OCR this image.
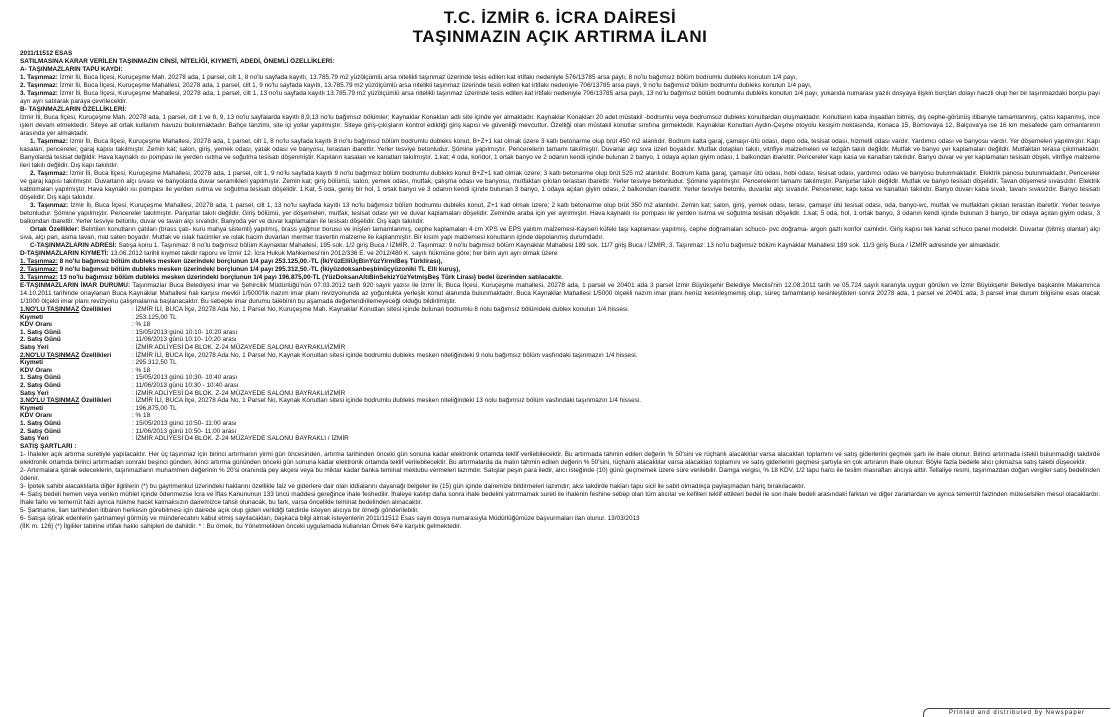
T.C. İZMİR 6. İCRA DAİRESİ
TAŞINMAZIN AÇIK ARTIRMA İLANI

2011/11512 ESAS

SATILMASINA KARAR VERİLEN TAŞINMAZIN CİNSİ, NİTELİĞİ, KIYMETİ, ADEDİ, ÖNEMLİ ÖZELLİKLERİ:

A- TAŞINMAZLARIN TAPU KAYDI:

1. Taşınmaz: İzmir İli, Buca İlçesi, Kuruçeşme Mah. 20278 ada, 1 parsel, cilt 1, 8 no'lu sayfada kayıtlı, 13.785.79 m2 yüzölçümlü arsa nitelikli taşınmaz üzerinde tesis edilen kat irtifakı nedeniyle 576/13785 arsa paylı, 8 no'lu bağımsız bölüm bodrumlu dubleks konutun 1/4 payı,

2. Taşınmaz: İzmir İli, Buca İlçesi, Kuruçeşme Mahallesi, 20278 ada, 1 parsel, cilt 1, 9 no'lu sayfada kayıtlı, 13.785.79 m2 yüzölçümlü arsa nitelikli taşınmaz üzerinde tesis edilen kat irtifakı nedeniyle 706/13785 arsa paylı, 9 no'lu bağımsız bölüm bodrumlu dubleks konutun 1/4 payı,

3. Taşınmaz: İzmir İli, Buca İlçesi, Kuruçeşme Mahallesi, 20278 ada, 1 parsel, cilt 1, 13 no'lu sayfada kayıtlı 13.785.79 m2 yüzölçümlü arsa nitelikli taşınmaz üzerinde tesis edilen kat irtifakı nedeniyle 706/13785 arsa paylı, 13 no'lu bağımsız bölüm bodrumlu dubleks konutun 1/4 payı, yukarıda numarası yazılı dosyaya ilişkin borçtan dolayı haczli olup her bir taşınmazdaki borçlu payı ayrı ayrı satılarak paraya çevrilecektir.

B- TAŞINMAZLARIN ÖZELLİKLERİ:

İzmir İli, Buca İlçesi, Kuruçeşme Mah. 20278 ada, 1 parsel, cilt 1 ve 8, 9, 13 no'lu sayfalarda kayıtlı 8,9,13 no'lu bağımsız bölümler; Kaynaklar Konakları adlı site içinde yer almaktadır. Kaynaklar Konakları 20 adet müstakil -bodrumlu veya bodrumsuz dubleks konutlardan oluşmaktadır. Konutların kaba inşaatları bitmiş, dış cephe-görünüş itibarıyle tamamlanmış, çatısı kapanmış, ince işleri devam etmektedir. Siteye ait ortak kullanım havuzu bulunmaktadır. Bahçe tanzimi, site içi yollar yapılmıştır. Siteye giriş-çıkışların kontrol edildiği giriş kapısı ve güvenliği mevcuttur. Özelliği olan müstakil konutlar sınıfına girmektedir. Kaynaklar Konutları Aydın-Çeşme otoyolu kesişim noktasında, Konaca 15, Bornovaya 12, Balçova'ya ise 16 km mesafede çam ormanlarının arasında yer almaktadır.

1. Taşınmaz: İzmir İli, Buca İlçesi, Kuruçeşme Mahallesi, 20278 ada, 1 parsel, cilt 1, 8 no'lu sayfada kayıtlı 8 no'lu bağımsız bölüm bodrumlu dubleks konut, B+Z+1 kat olmak üzere 3 katlı betonarme olup brüt 450 m2 alanlıdır. Bodrum katta garaj, çamaşır-ütü odası, depo oda, tesisat odası, hizmetli odası vardır. Yardımcı odası ve banyosu vardır. Yer döşemeleri yapılmıştır. Kapı kasaları, pencereler, garaj kapısı takılmıştır. Zemin kat; salon, giriş, yemek odası, yatak odası ve banyosu, terastan ibarettir. Yerler tesviye betonludur. Şömine yapılmıştır. Pencerelerin tamamı takılmıştır. Duvarlar alçı sıva üzeri boyalıdır. Mutfak dolapları takılı, vitrifiye malzemeleri ve tezgâh takılı değildir. Mutfak ve banyo yer kaplamaları değildir. Mutfaktan terasa çıkılmaktadır. Banyolarda tesisat değildir. Hava kaynaklı ısı pompası ile yerden ısıtma ve soğutma tesisatı döşenmiştir. Kapıların kasaları ve kanatları takılmıştır. 1.kat; 4 oda, koridor, 1 ortak banyo ve 2 odanın kendi içinde bulunan 2 banyo, 1 odaya açılan giyim odası, 1 balkondan ibarettir. Pencereler kapı kasa ve kanatları takılıdır. Banyo duvar ve yer kaplamaları tesisatı döşeli, vitrifiye malzeme ileri takılı değildir. Dış kapı takılıdır.

2. Taşınmaz: İzmir İli, Buca İlçesi, Kuruçeşme Mahallesi, 20278 ada, 1 parsel, cilt 1, 9 no'lu sayfada kayıtlı 9 no'lu bağımsız bölüm bodrumlu dubleks konut B+Z+1 katl olmak üzere; 3 katlı betonarme olup brüt 525 m2 alanlıdır. Bodrum katta garaj, çamaşır ütü odası, hobi odası, tesisat odası, yardımcı odası ve banyosu bulunmaktadır. Elektrik panosu bulunmaktadır. Pencereler ve garaj kapısı takılmıştır. Duvarların alçı sıvası ve banyolarda duvar seramikleri yapılmıştır. Zemin kat; giriş bölümü, salon, yemek odası, mutfak, çalışma odası ve banyosu, mutfaktan çıkılan terastan ibarettir. Yerler tesviye betonludur. Şömine yapılmıştır. Pencerelerin tamamı takılmıştır. Panjurlar takılı değildir. Mutfak ve banyo tesisatı döşelidir. Tavan döşemesi sıvasızdır. Elektrik kablomaları yapılmıştır. Hava kaynaklı ısı pompası ile yerden ısıtma ve soğutma tesisatı döşelidir. 1.Kat, 5 oda, geniş bir hol, 1 ortak banyo ve 3 odanın kendi içinde bulunan 3 banyo, 1 odaya açılan giyim odası, 2 balkondan ibarettir. Yerler tesviye betonlu, duvarlar alçı sıvalıdır. Pencereler, kapı kasa ve kanatları takılıdır. Banyo duvarı kaba sıvalı, tavanı sıvasızdır. Banyo tesisatı döşelidir. Dış kapı takılıdır.

3. Taşınmaz: İzmir İli, Buca İlçesi, Kuruçeşme Mahallesi, 20278 ada, 1 parsel, cilt 1, 13 no'lu sayfada kayıtlı 13 no'lu bağımsız bölüm bodrumlu dubleks konut, Z+1 katl olmak üzere; 2 katlı betonarme olup brüt 350 m2 alanlıdır. Zemin kat; salon, giriş, yemek odası, terası, çamaşır ütü tesisat odası, oda, banyo-wc, mutfak ve mutfaktan çıkılan terastan ibarettir. Yerler tesviye betonludur. Şömine yapılmıştır. Pencereler takılmıştır. Panjurlar takılı değildir. Giriş bölümü, yer döşemeleri, mutfak, tesisat odası yer ve duvar kaplamaları döşelidir. Zeminde araba için yer ayrılmıştır. Hava kaynaklı ısı pompası ile yerden ısıtma ve soğutma tesisatı döşelidir. 1.kat; 5 oda, hol, 1 ortak banyo, 3 odanın kendi içinde bulunan 3 banyo, bir odaya açılan giyim odası, 3 balkondan ibarettir. Yerler tesviye betonlu, duvar ve tavan alçı sıvalıdır. Banyoda yer ve duvar kaplamaları ile tesisatı döşelidir. Dış kapı takılıdır.

Ortak Özellikler: Belirtilen konutların çatıları (brass çatı- kuru mahya sistemli) yapılmış, brass yağmur borusu ve inişleri tamamlanmış, cephe kaplamaları 4 cm XPS ve EPS yalıtım malzemesi-Kayseri küfeki taşı kaplaması yapılmış, cephe doğramaları schuco- pvc doğrama- argon gazlı konfor camlıdır. Giriş kapısı tek kanat schuco panel modeldir. Duvarlar (bitmiş olanlar) alçı sıva, alçı pan, asma tavan, mat saten boyadır. Mutfak ve ıslak hacimler ve ıslak hacim duvarları mermer travertin malzeme ile kaplanmıştır. Bir kısım yapı malzemesi konutların içinde depolanmış durumdadır.

C-TAŞINMAZLARIN ADRESİ: Satışa konu 1. Taşınmaz: 8 no'lu bağımsız bölüm Kaynaklar Mahallesi, 195 sok. 1/2 giriş Buca / İZMİR, 2. Taşınmaz: 9 no'lu bağımsız bölüm Kaynaklar Mahallesi 189 sok. 11/7 giriş Buca / İZMİR, 3. Taşınmaz: 13 no'lu bağımsız bölüm Kaynaklar Mahallesi 189 sok. 11/3 giriş Buca / İZMİR adresinde yer almaktadır.

D-TAŞINMAZLARIN KIYMETİ: 13.06.2012 tarihli kıymet takdir raporu ve İzmir 12. İcra Hukuk Mahkemesi'nin 2012/336 E. ve 2012/480 K. sayılı hükmüne göre; her birin ayrı ayrı olmak üzere

1. Taşınmaz: 8 no'lu bağımsız bölüm dubleks mesken üzerindeki borçlunun 1/4 payı 253.125,00.-TL (İkiYüzElliÜçBinYüzYirmiBeş Türklirası),

2. Taşınmaz: 9 no'lu bağımsız bölüm dubleks mesken üzerindeki borçlunun 1/4 payı 295.312,50.-TL (İkiyüzdoksanbeşbinüçyüzoniki TL Elli kuruş),

3. Taşınmaz: 13 no'lu bağımsız bölüm dubleks mesken üzerindeki borçlunun 1/4 payı 196.875,00-TL (YüzDoksanAltıBinSekizYüzYetmişBeş Türk Lirası) bedel üzerinden satılacaktır.

E-TAŞINMAZLARIN İMAR DURUMU: Taşınmazlar Buca Belediyesi imar ve Şehircilik Müdürlüğü'nün 07.03.2012 tarih 920 sayılı yazısı ile İzmir İli, Buca İlçesi, Kuruçeşme mahallesi, 20278 ada, 1 parsel ve 20401 ada 3 parsel İzmir Büyükşehir Belediye Meclisi'nin 12.08.2011 tarih ve 05.724 sayılı kararıyla uygun görülen ve İzmir Büyükşehir Belediye başkanlık Makamınca 14.10.2011 tarihinde onaylanan Buca Kaynaklar Mahallesi hali karşısı mevkii 1/5000'lik nazım imar planı revizyonunda az yoğunlukta yerleşik konut alanında bulunmaktadır. Buca Kaynaklar Mahallesi 1/5000 ölçekli nazım imar planı henüz kesinleşmemiş olup, süreç tamamlanıp kesinleştikten sonra 20278 ada, 1 parsel ve 20401 ada, 3 parsel imar durum bilgisine esas olacak 1/1000 ölçekli imar planı revizyonu çalışmalarına başlanacaktır. Bu sebeple imar durumu talebinin bu aşamada değerlendirilemeyeceği olduğu bildirilmiştir.

1.NO'LU TAŞINMAZ Özellikleri	: İZMİR İLİ, BUCA İlçe, 20278 Ada No, 1 Parsel No, Kuruçeşme Mah. Kaynaklar Konutları sitesi içinde bulunan bodrumlu 8 nolu bağımsız bölümdeki dublex konutun 1/4 hissesi.
Kıymeti	: 253.125,00 TL
KDV Oranı	: % 18
1. Satış Günü	: 15/05/2013 günü 10:10- 10:20 arası
2. Satış Günü	: 11/06/2013 günü 10:10- 10:20 arası
Satış Yeri	: İZMİR ADLİYESİ D4 BLOK. Z-24 MÜZAYEDE SALONU BAYRAKLI/İZMİR
2.NO'LU TAŞINMAZ Özellikleri	: İZMİR İLİ, BUCA İlçe, 20278 Ada No, 1 Parsel No, Kaynak Konutları sitesi içinde bodrumlu dubleks mesken niteliğindeki 9 nolu bağımsız bölüm vasfındaki taşınmazın 1/4 hissesi.
Kıymeti	: 295.312,50 TL
KDV Oranı	: % 18
1. Satış Günü	: 15/05/2013 günü 10:30- 10:40 arası
2. Satış Günü	: 11/06/2013 günü 10:30 - 10:40 arası
Satış Yeri	: İZMİR ADLİYESİ D4 BLOK. Z-24 MÜZAYEDE SALONU BAYRAKLI/İZMİR
3.NO'LU TAŞINMAZ Özellikleri	: İZMİR İLİ, BUCA İlçe, 20278 Ada No, 1 Parsel No, Kaynak Konutları sitesi içinde bodrumlu dubleks mesken niteliğindeki 13 nolu bağımsız bölüm vasfındaki taşınmazın 1/4 hissesi.
Kıymeti	: 196.875,00 TL
KDV Oranı	: % 18
1. Satış Günü	: 15/05/2013 günü 10:50- 11:00 arası
2. Satış Günü	: 11/06/2013 günü 10:50- 11:00 arası
Satış Yeri	: İZMİR ADLİYESİ D4 BLOK. Z-24 MÜZAYEDE SALONU BAYRAKLI / İZMİR

SATIŞ ŞARTLARI :

1- İhaleler açık artırma suretiyle yapılacaktır. Her üç taşınmaz için birinci artırmanın yirmi gün öncesinden, artırma tarihinden önceki gün sonuna kadar elektronik ortamda teklif verilebilecektir. Bu artırmada tahmin edilen değerin % 50'sini ve rüçhanlı alacaklılar varsa alacakları toplamını ve satış giderlerini geçmek şartı ile ihale olunur. Birinci artırmada istekli bulunmadığı takdirde elektronik ortamda birinci artırmadan sonraki beşinci günden, ikinci artırma gününden önceki gün sonuna kadar elektronik ortamda teklif verilebilecektir. Bu artırmalarda da malın tahmin edilen değerin % 50'sini, rüçhanlı alacaklılar varsa alacakları toplamını ve satış giderlerini geçmesi şartıyla en çok artıranın ihale olunur. Böyle fazla bedelle alıcı çıkmazsa satış talebi düşecektir.

2- Artırmalara iştirak edeceklerin, taşınmazların muhammen değerinin % 20'si oranında pey akçesi veya bu miktar kadar banka teminat mektubu vermeleri lazımdır. Satışlar peşin para iledir, alıcı isteğinde (10) günü geçmemek üzere süre verilebilir. Damga vergisi, % 18 KDV, 1/2 tapu harcı ile teslim masrafları alıcıya aittir. Tellaliye resmi, taşınmazdan doğan vergiler satış bedelinden ödenir.

3- İpotek sahibi alacaklılarla diğer ilgililerin (*) bu gayrimenkul üzerindeki haklarını özellikle faiz ve giderlere dair olan iddialarını dayanağı belgeler ile (15) gün içinde dairemize bildirmeleri lazımdır; aksi takdirde hakları tapu sicil ile sabit olmadıkça paylaşmadan hariç bırakılacaktır.

4- Satış bedeli hemen veya verilen mühlet içinde ödenmezse İcra ve İflas Kanununun 133 üncü maddesi gereğince ihale feshedilir. İhaleye katılıp daha sonra ihale bedelini yatırmamak sureti ile ihalenin feshine sebep olan tüm alıcılar ve kefilleri teklif ettikleri bedel ile son ihale bedeli arasındaki farktan ve diğer zararlardan ve ayrıca temerrüt faizinden müteselsilen mesul olacaklardır. İhale farkı ve temerrüt faizi ayrıca hükme hacet kalmaksızın dairemizce tahsil olunacak, bu fark, varsa öncelikle teminat bedelinden alınacaktır.

5- Şartname, ilan tarihinden itibaren herkesin görebilmesi için dairede açık olup gideri verildiği takdirde isteyen alıcıya bir örneği gönderilebilir.

6- Satışa iştirak edenlerin şartnameyi görmüş ve münderecatını kabul etmiş sayılacakları, başkaca bilgi almak isteyenlerin 2011/11512 Esas sayılı dosya numarasıyla Müdürlüğümüze başvurmaları ilan olunur. 13/03/2013

(İİK m. 126) (*) İlgililer tabirine irtifak hakkı sahipleri de dahildir. * : Bu örnek, bu Yönetmeliklen önceki uygulamada kullanılan Örnek 64'e karşılık gelmektedir.

Printed and distributed by Newspaper
